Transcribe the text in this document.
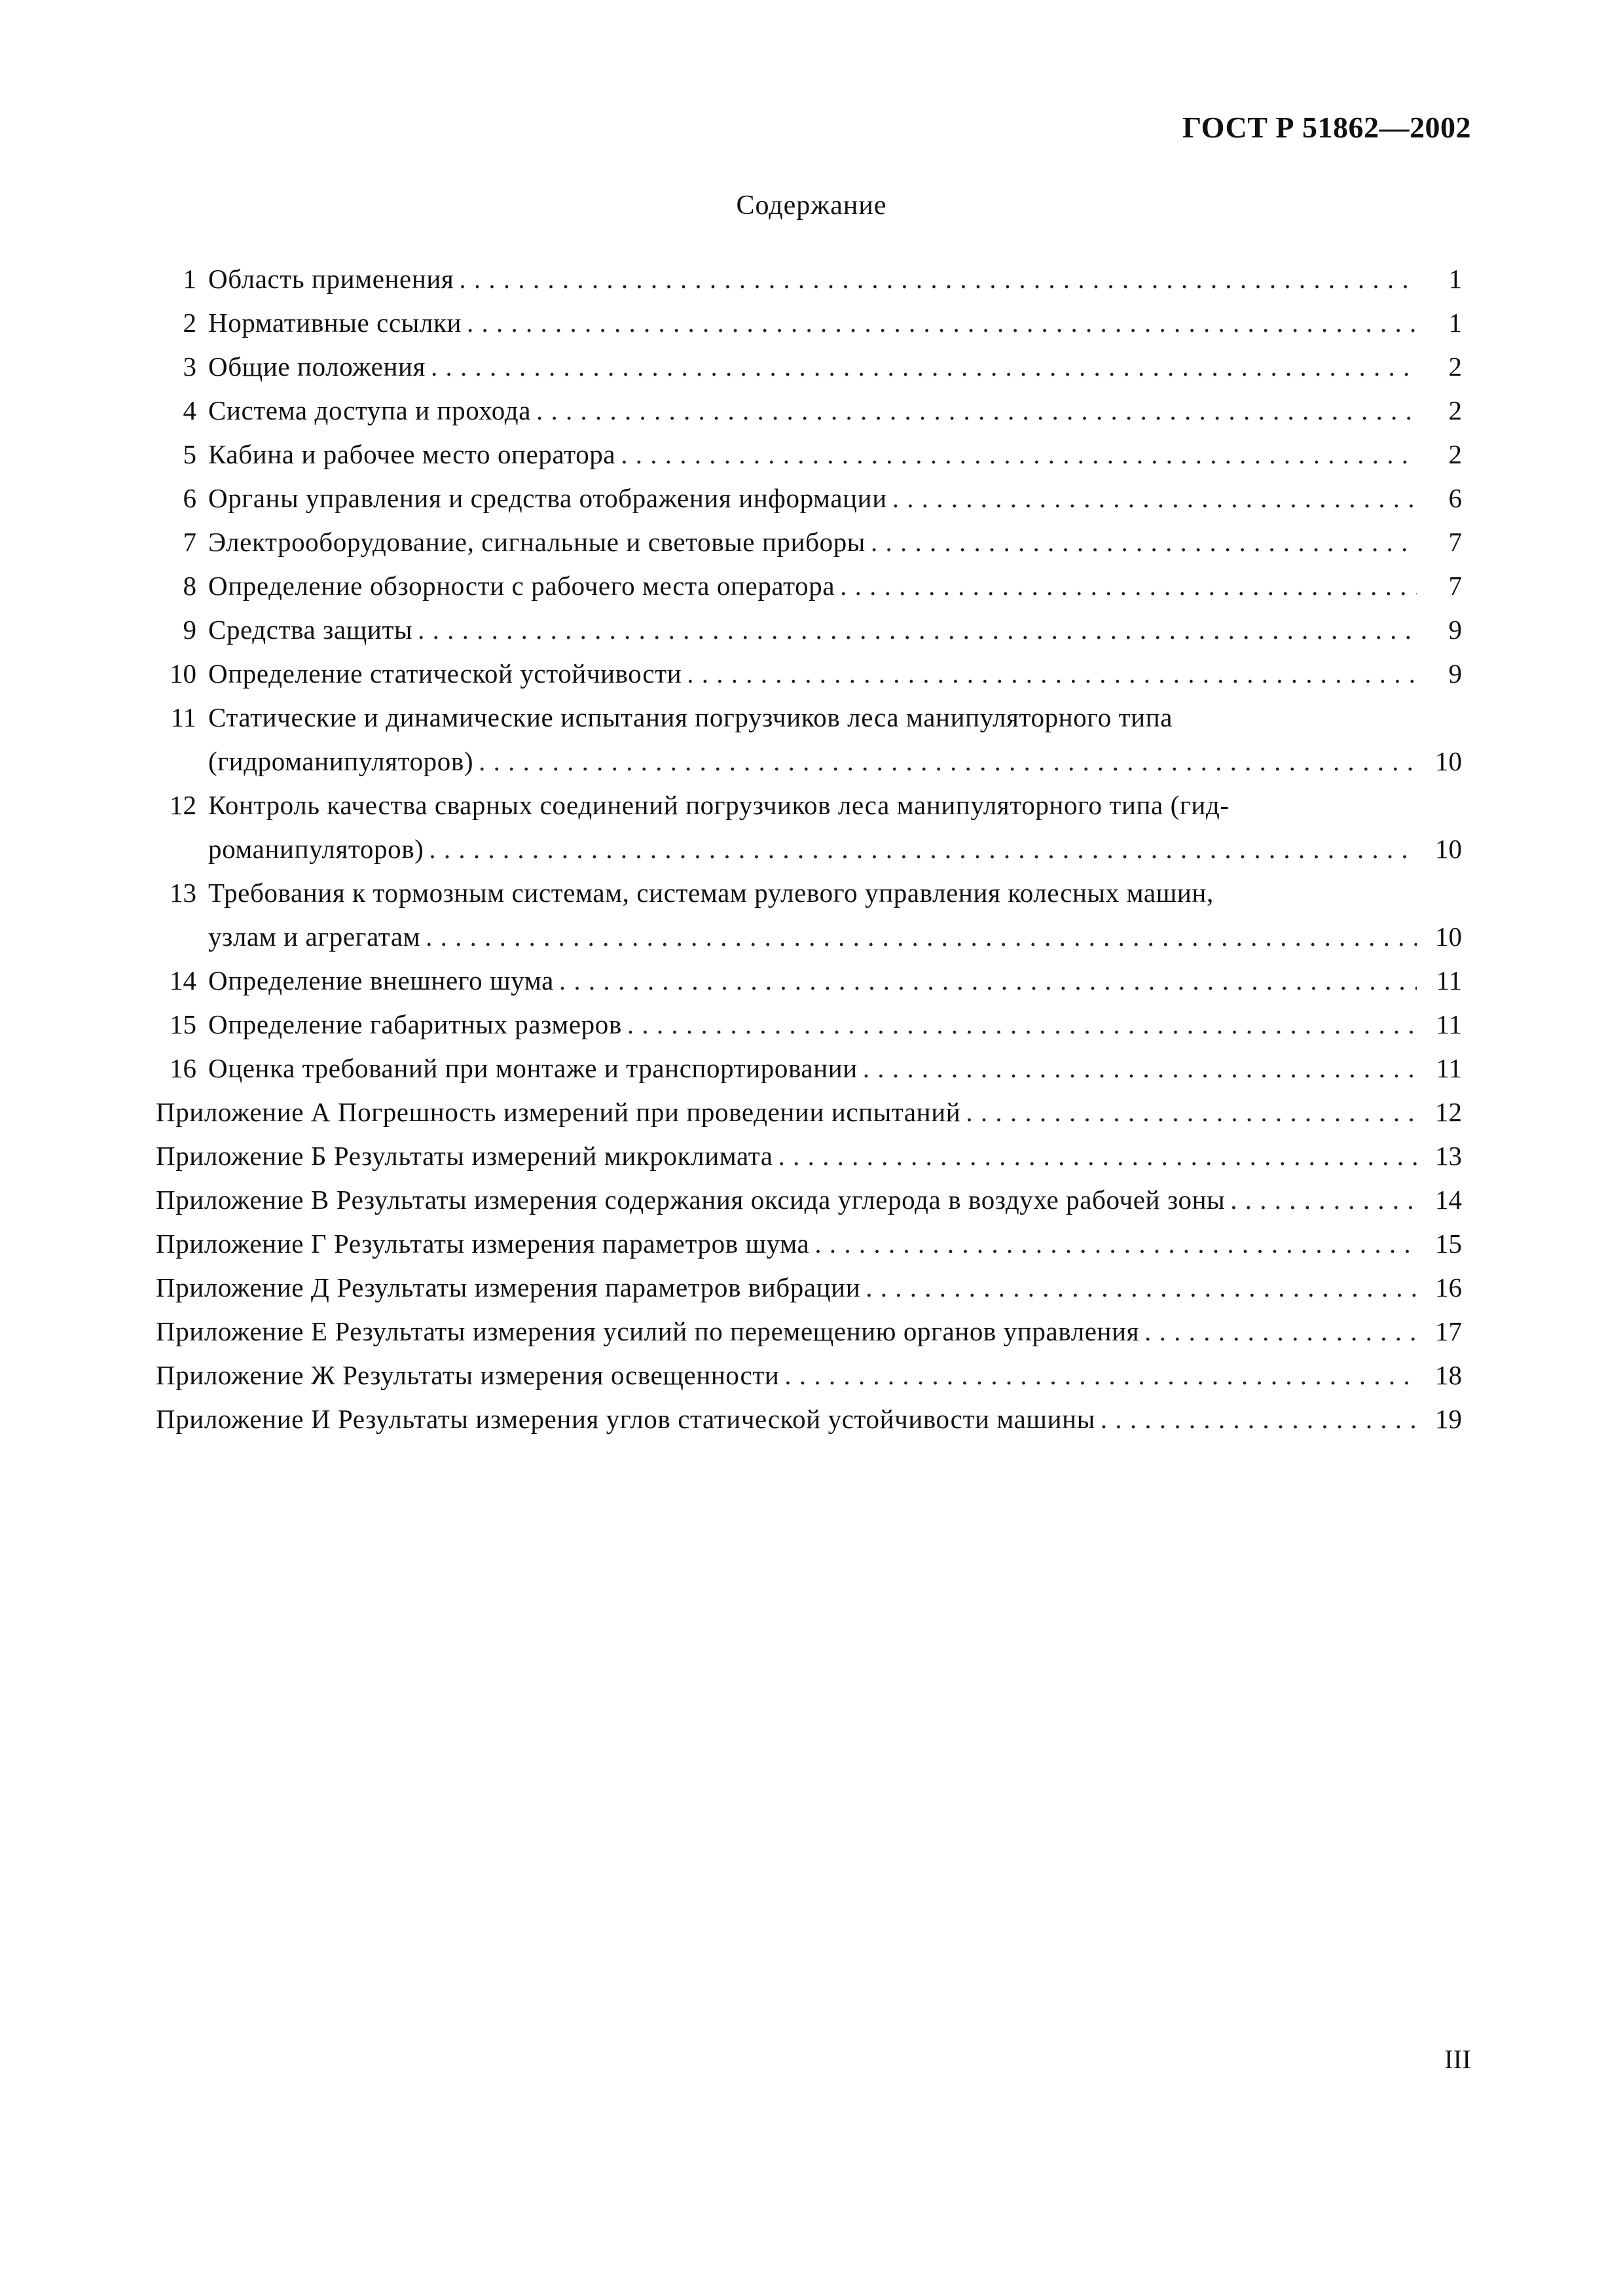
ГОСТ Р 51862—2002
Содержание
1 Область применения . . .	1
2 Нормативные ссылки . . .	1
3 Общие положения . . .	2
4 Система доступа и прохода . . .	2
5 Кабина и рабочее место оператора . . .	2
6 Органы управления и средства отображения информации . . .	6
7 Электрооборудование, сигнальные и световые приборы . . .	7
8 Определение обзорности с рабочего места оператора . . .	7
9 Средства защиты . . .	9
10 Определение статической устойчивости . . .	9
11 Статические и динамические испытания погрузчиков леса манипуляторного типа
(гидроманипуляторов) . . .	10
12 Контроль качества сварных соединений погрузчиков леса манипуляторного типа (гид-
романипуляторов) . . .	10
13 Требования к тормозным системам, системам рулевого управления колесных машин,
узлам и агрегатам . . .	10
14 Определение внешнего шума . . .	11
15 Определение габаритных размеров . . .	11
16 Оценка требований при монтаже и транспортировании . . .	11
Приложение А Погрешность измерений при проведении испытаний . . .	12
Приложение Б Результаты измерений микроклимата . . .	13
Приложение В Результаты измерения содержания оксида углерода в воздухе рабочей зоны . . .	14
Приложение Г Результаты измерения параметров шума . . .	15
Приложение Д Результаты измерения параметров вибрации . . .	16
Приложение Е Результаты измерения усилий по перемещению органов управления . . .	17
Приложение Ж Результаты измерения освещенности . . .	18
Приложение И Результаты измерения углов статической устойчивости машины . . .	19
III
